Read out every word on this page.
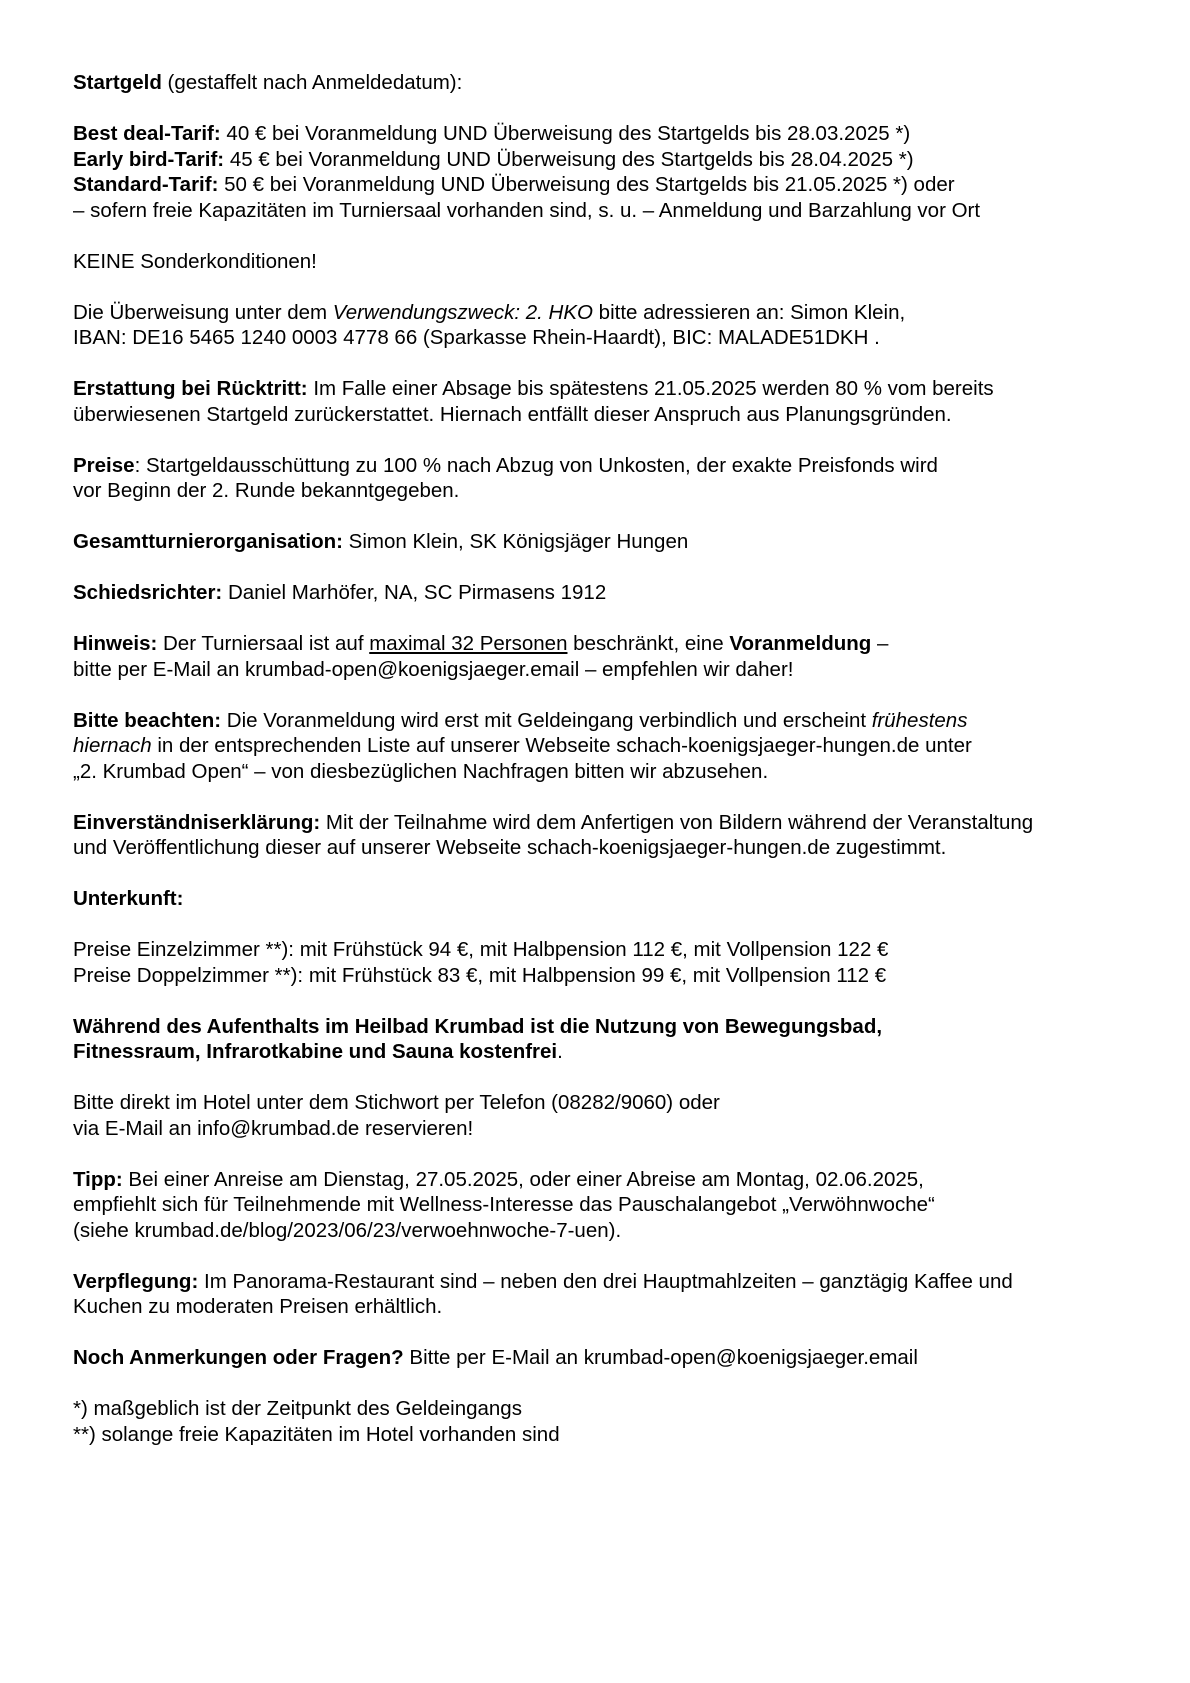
Startgeld (gestaffelt nach Anmeldedatum):

Best deal-Tarif: 40 € bei Voranmeldung UND Überweisung des Startgelds bis 28.03.2025 *)
Early bird-Tarif: 45 € bei Voranmeldung UND Überweisung des Startgelds bis 28.04.2025 *)
Standard-Tarif: 50 € bei Voranmeldung UND Überweisung des Startgelds bis 21.05.2025 *) oder
– sofern freie Kapazitäten im Turniersaal vorhanden sind, s. u. – Anmeldung und Barzahlung vor Ort

KEINE Sonderkonditionen!

Die Überweisung unter dem Verwendungszweck: 2. HKO bitte adressieren an: Simon Klein,
IBAN: DE16 5465 1240 0003 4778 66 (Sparkasse Rhein-Haardt), BIC: MALADE51DKH .
Erstattung bei Rücktritt: Im Falle einer Absage bis spätestens 21.05.2025 werden 80 % vom bereits
überwiesenen Startgeld zurückerstattet. Hiernach entfällt dieser Anspruch aus Planungsgründen.
Preise: Startgeldausschüttung zu 100 % nach Abzug von Unkosten, der exakte Preisfonds wird
vor Beginn der 2. Runde bekanntgegeben.

Gesamtturnierorganisation: Simon Klein, SK Königsjäger Hungen

Schiedsrichter: Daniel Marhöfer, NA, SC Pirmasens 1912

Hinweis: Der Turniersaal ist auf maximal 32 Personen beschränkt, eine Voranmeldung –
bitte per E-Mail an krumbad-open@koenigsjaeger.email – empfehlen wir daher!
Bitte beachten: Die Voranmeldung wird erst mit Geldeingang verbindlich und erscheint frühestens
hiernach in der entsprechenden Liste auf unserer Webseite schach-koenigsjaeger-hungen.de unter
„2. Krumbad Open“ – von diesbezüglichen Nachfragen bitten wir abzusehen.
Einverständniserklärung: Mit der Teilnahme wird dem Anfertigen von Bildern während der Veranstaltung
und Veröffentlichung dieser auf unserer Webseite schach-koenigsjaeger-hungen.de zugestimmt.

Unterkunft:

Preise Einzelzimmer **): mit Frühstück 94 €, mit Halbpension 112 €, mit Vollpension 122 €
Preise Doppelzimmer **): mit Frühstück 83 €, mit Halbpension 99 €, mit Vollpension 112 €
Während des Aufenthalts im Heilbad Krumbad ist die Nutzung von Bewegungsbad,
Fitnessraum, Infrarotkabine und Sauna kostenfrei.
Bitte direkt im Hotel unter dem Stichwort per Telefon (08282/9060) oder
via E-Mail an info@krumbad.de reservieren!
Tipp: Bei einer Anreise am Dienstag, 27.05.2025, oder einer Abreise am Montag, 02.06.2025,
empfiehlt sich für Teilnehmende mit Wellness-Interesse das Pauschalangebot „Verwöhnwoche“
(siehe krumbad.de/blog/2023/06/23/verwoehnwoche-7-uen).
Verpflegung: Im Panorama-Restaurant sind – neben den drei Hauptmahlzeiten – ganztägig Kaffee und
Kuchen zu moderaten Preisen erhältlich.

Noch Anmerkungen oder Fragen? Bitte per E-Mail an krumbad-open@koenigsjaeger.email

*) maßgeblich ist der Zeitpunkt des Geldeingangs
**) solange freie Kapazitäten im Hotel vorhanden sind
